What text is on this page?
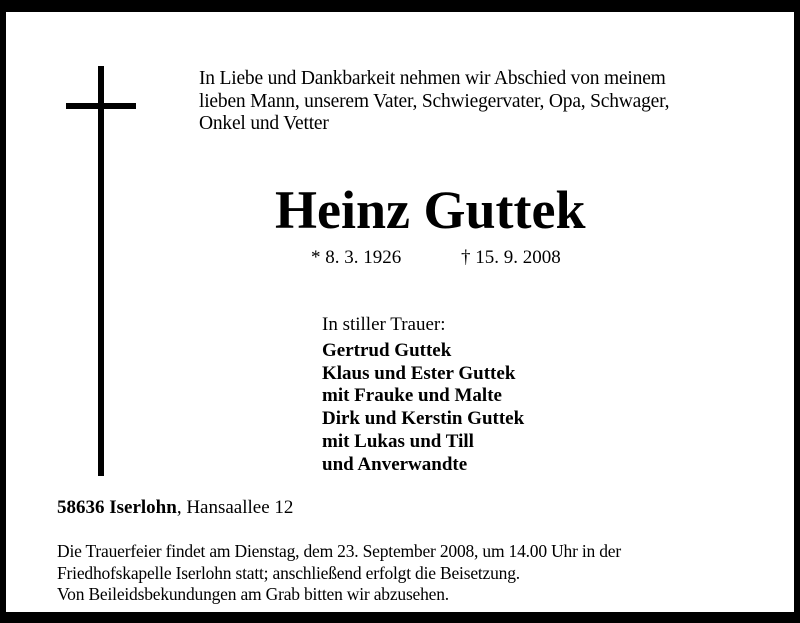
In Liebe und Dankbarkeit nehmen wir Abschied von meinem
lieben Mann, unserem Vater, Schwiegervater, Opa, Schwager,
Onkel und Vetter
Heinz Guttek
* 8. 3. 1926	† 15. 9. 2008
In stiller Trauer:
Gertrud Guttek
Klaus und Ester Guttek
mit Frauke und Malte
Dirk und Kerstin Guttek
mit Lukas und Till
und Anverwandte
58636 Iserlohn, Hansaallee 12
Die Trauerfeier findet am Dienstag, dem 23. September 2008, um 14.00 Uhr in der
Friedhofskapelle Iserlohn statt; anschließend erfolgt die Beisetzung.
Von Beileidsbekundungen am Grab bitten wir abzusehen.
